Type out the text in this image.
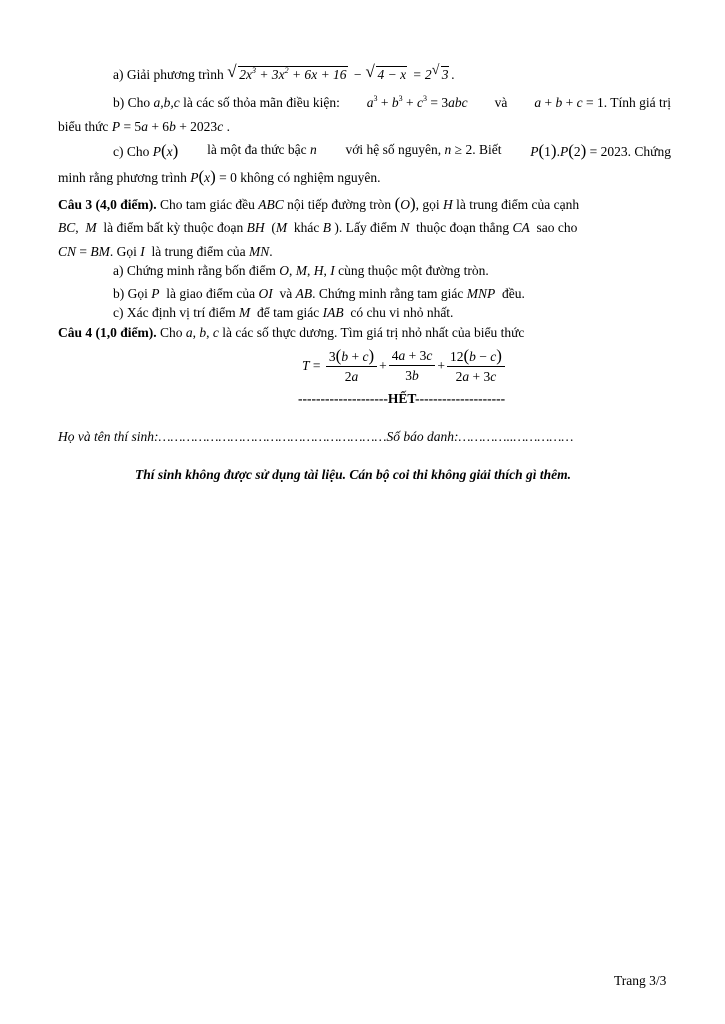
a) Giải phương trình √ $2x^3 + 3x^2 + 6x + 16$ − √ 4 − x = 2 √ 3 .
b) Cho a,b,c là các số thỏa mãn điều kiện: $a^3 + b^3 + c^3 = 3abc$ và a + b + c = 1. Tính giá trị
biểu thức P = 5a + 6b + 2023c .
c) Cho P(x) là một đa thức bậc n với hệ số nguyên, n ≥ 2. Biết P(1).P(2) = 2023. Chứng
minh rằng phương trình P(x) = 0 không có nghiệm nguyên.
Câu 3 (4,0 điểm). Cho tam giác đều ABC nội tiếp đường tròn (O), gọi H là trung điểm của cạnh
BC,  M là điểm bất kỳ thuộc đoạn BH  (M khác B ). Lấy điểm N thuộc đoạn thẳng CA sao cho
CN = BM. Gọi I là trung điểm của MN.
a) Chứng minh rằng bốn điểm O, M, H, I cùng thuộc một đường tròn.
b) Gọi P là giao điểm của OI và AB. Chứng minh rằng tam giác MNP đều.
c) Xác định vị trí điểm M để tam giác IAB có chu vi nhỏ nhất.
Câu 4 (1,0 điểm). Cho a, b, c là các số thực dương. Tìm giá trị nhỏ nhất của biểu thức
$T = \frac{3(b + c)}{2a} + \frac{4a + 3c}{3b} + \frac{12(b - c)}{2a + 3c}$
--------------------HẾT--------------------
Họ và tên thí sinh:…………………………………………………Số báo danh:…………..……………
Thí sinh không được sử dụng tài liệu. Cán bộ coi thi không giải thích gì thêm.
Trang 3/3
